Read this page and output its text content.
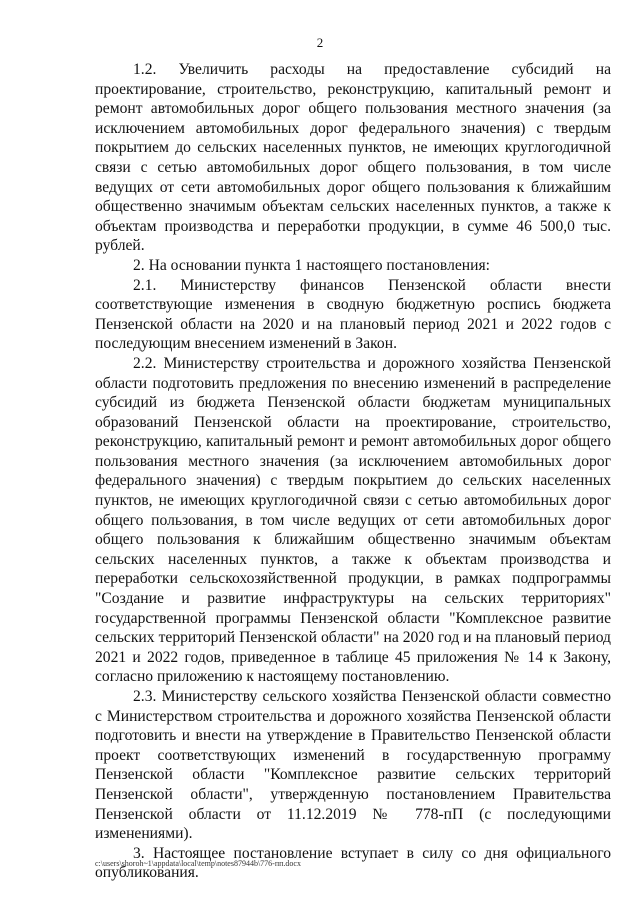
2

1.2. Увеличить расходы на предоставление субсидий на проектирование, строительство, реконструкцию, капитальный ремонт и ремонт автомобильных дорог общего пользования местного значения (за исключением автомобильных дорог федерального значения) с твердым покрытием до сельских населенных пунктов, не имеющих круглогодичной связи с сетью автомобильных дорог общего пользования, в том числе ведущих от сети автомобильных дорог общего пользования к ближайшим общественно значимым объектам сельских населенных пунктов, а также к объектам производства и переработки продукции, в сумме 46 500,0 тыс. рублей.

2. На основании пункта 1 настоящего постановления:

2.1. Министерству финансов Пензенской области внести соответствующие изменения в сводную бюджетную роспись бюджета Пензенской области на 2020 и на плановый период 2021 и 2022 годов с последующим внесением изменений в Закон.

2.2. Министерству строительства и дорожного хозяйства Пензенской области подготовить предложения по внесению изменений в распределение субсидий из бюджета Пензенской области бюджетам муниципальных образований Пензенской области на проектирование, строительство, реконструкцию, капитальный ремонт и ремонт автомобильных дорог общего пользования местного значения (за исключением автомобильных дорог федерального значения) с твердым покрытием до сельских населенных пунктов, не имеющих круглогодичной связи с сетью автомобильных дорог общего пользования, в том числе ведущих от сети автомобильных дорог общего пользования к ближайшим общественно значимым объектам сельских населенных пунктов, а также к объектам производства и переработки сельскохозяйственной продукции, в рамках подпрограммы "Создание и развитие инфраструктуры на сельских территориях" государственной программы Пензенской области "Комплексное развитие сельских территорий Пензенской области" на 2020 год и на плановый период 2021 и 2022 годов, приведенное в таблице 45 приложения № 14 к Закону, согласно приложению к настоящему постановлению.

2.3. Министерству сельского хозяйства Пензенской области совместно с Министерством строительства и дорожного хозяйства Пензенской области подготовить и внести на утверждение в Правительство Пензенской области проект соответствующих изменений в государственную программу Пензенской области "Комплексное развитие сельских территорий Пензенской области", утвержденную постановлением Правительства Пензенской области от 11.12.2019 № 778-пП (с последующими изменениями).

3. Настоящее постановление вступает в силу со дня официального опубликования.

c:\users\shoroh~1\appdata\local\temp\notes87944b\776-пп.docx
